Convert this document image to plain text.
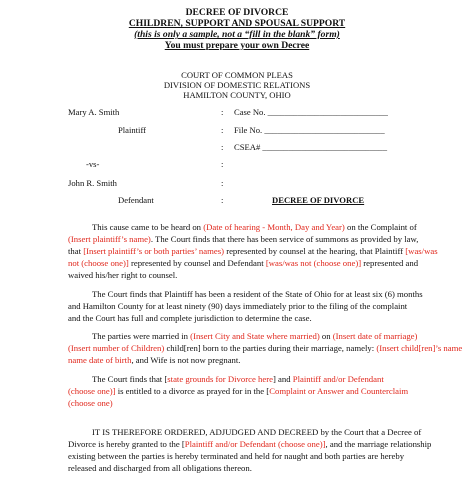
DECREE OF DIVORCE
CHILDREN, SUPPORT AND SPOUSAL SUPPORT
(this is only a sample, not a “fill in the blank” form)
You must prepare your own Decree
COURT OF COMMON PLEAS
DIVISION OF DOMESTIC RELATIONS
HAMILTON COUNTY, OHIO
Mary A. Smith	: Case No. ____________________________
Plaintiff	: File No. ____________________________
: CSEA# _____________________________
-vs-	:
John R. Smith	:
Defendant	:	DECREE OF DIVORCE
This cause came to be heard on (Date of hearing - Month, Day and Year) on the Complaint of
(Insert plaintiff’s name). The Court finds that there has been service of summons as provided by law,
that [Insert plaintiff’s or both parties’ names) represented by counsel at the hearing, that Plaintiff [was/was
not (choose one)] represented by counsel and Defendant [was/was not (choose one)] represented and
waived his/her right to counsel.
The Court finds that Plaintiff has been a resident of the State of Ohio for at least six (6) months
and Hamilton County for at least ninety (90) days immediately prior to the filing of the complaint
and the Court has full and complete jurisdiction to determine the case.
The parties were married in (Insert City and State where married) on (Insert date of marriage)
(Insert number of Children) child[ren] born to the parties during their marriage, namely: (Insert child[ren]’s name
name date of birth, and Wife is not now pregnant.
The Court finds that [state grounds for Divorce here] and Plaintiff and/or Defendant
(choose one)] is entitled to a divorce as prayed for in the [Complaint or Answer and Counterclaim
(choose one)
IT IS THEREFORE ORDERED, ADJUDGED AND DECREED by the Court that a Decree of
Divorce is hereby granted to the [Plaintiff and/or Defendant (choose one)], and the marriage relationship
existing between the parties is hereby terminated and held for naught and both parties are hereby
released and discharged from all obligations thereon.
